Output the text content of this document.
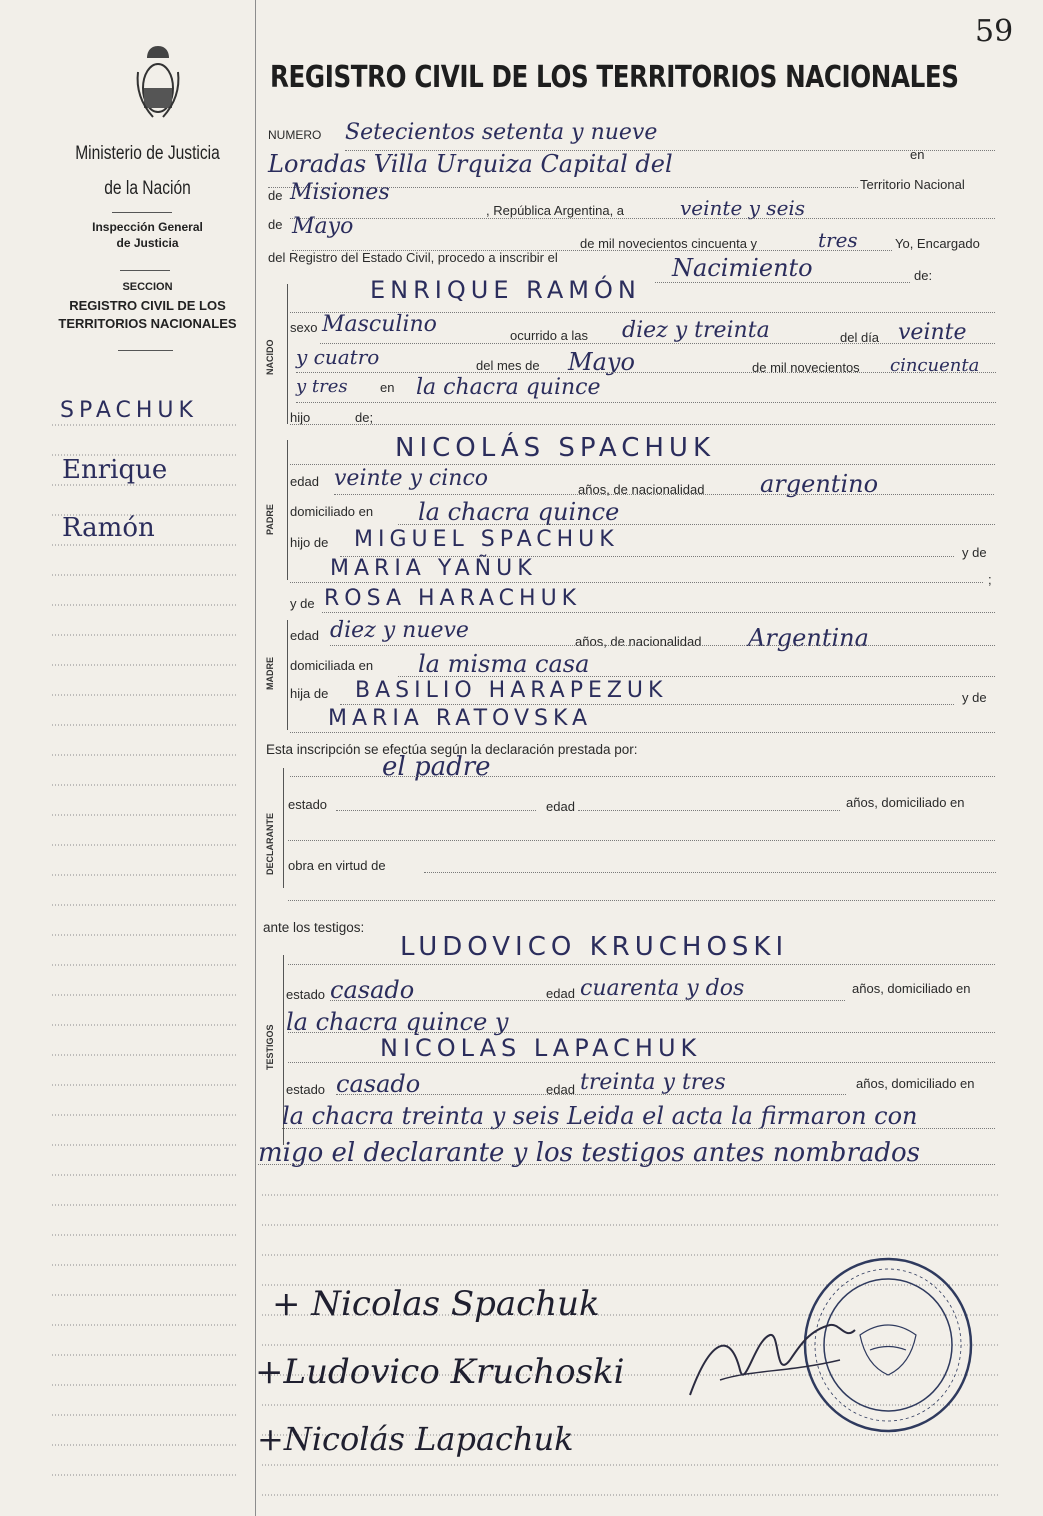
Ministerio de Justicia
de la Nación
Inspección General
de Justicia
SECCION
REGISTRO CIVIL DE LOS
TERRITORIOS NACIONALES
SPACHUK
Enrique
Ramón
59
REGISTRO CIVIL DE LOS TERRITORIOS NACIONALES
NUMERO Setecientos setenta y nueve
Loradas Villa Urquiza Capital del	en
Territorio Nacional
de Misiones
, República Argentina, a	veinte y seis
de Mayo
de mil novecientos cincuenta y	tres	Yo, Encargado
del Registro del Estado Civil, procedo a inscribir el	Nacimiento	de:
NACIDO
ENRIQUE RAMÓN
sexo Masculino	ocurrido a las diez y treinta	del día veinte
y cuatro	del mes de Mayo	de mil novecientos cincuenta
y tres en la chacra quince
hijo	de;
PADRE
NICOLÁS SPACHUK
edad veinte y cinco	años, de nacionalidad argentino
domiciliado en la chacra quince
hijo de MIGUEL SPACHUK
y de
MARIA YAÑUK	;
y de ROSA HARACHUK
MADRE
edad diez y nueve	años, de nacionalidad Argentina
domiciliada en la misma casa
hija de BASILIO HARAPEZUK	y de
MARIA RATOVSKA
Esta inscripción se efectúa según la declaración prestada por:
el padre
DECLARANTE
estado	edad	años, domiciliado en
obra en virtud de
ante los testigos:
TESTIGOS
LUDOVICO KRUCHOSKI
estado casado	edad cuarenta y dos	años, domiciliado en
la chacra quince y
NICOLAS LAPACHUK
estado casado	edad treinta y tres	años, domiciliado en
la chacra treinta y seis Leida el acta la firmaron con
migo el declarante y los testigos antes nombrados
+ Nicolas Spachuk
+Ludovico Kruchoski
+Nicolás Lapachuk
